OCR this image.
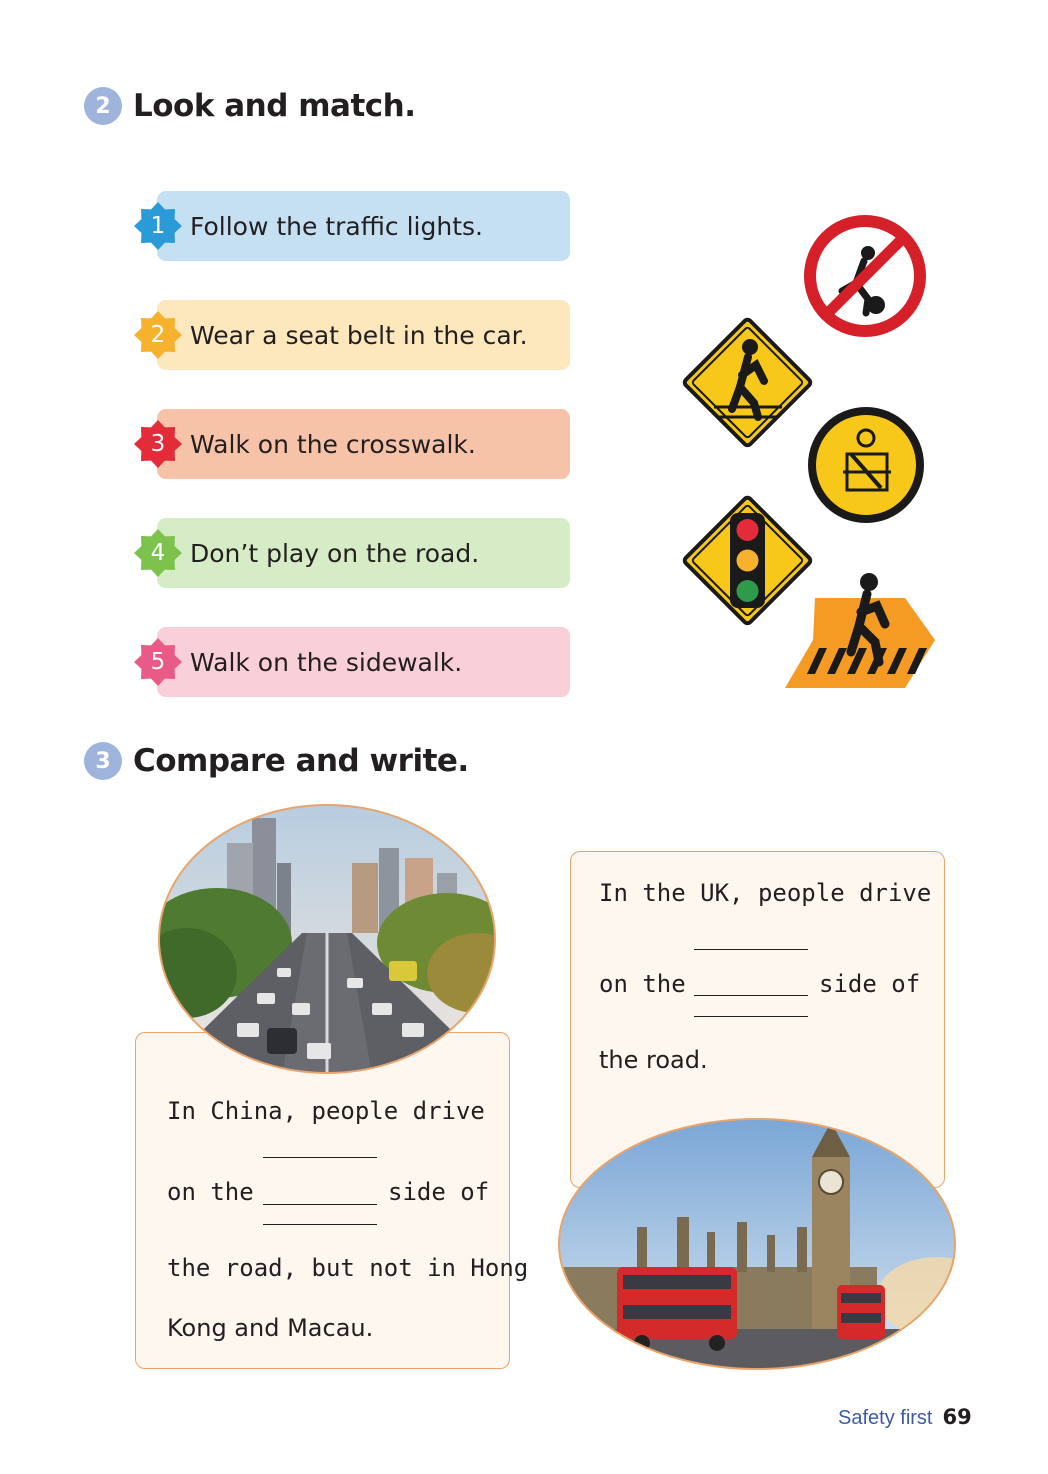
2 Look and match.
Follow the traffic lights.
1
Wear a seat belt in the car.
2
Walk on the crosswalk.
3
Don’t play on the road.
4
Walk on the sidewalk.
5
3 Compare and write.
In China, people drive
on the	side of
the road, but not in Hong
Kong and Macau.
In the UK, people drive
on the	side of
the road.
Safety first 69
